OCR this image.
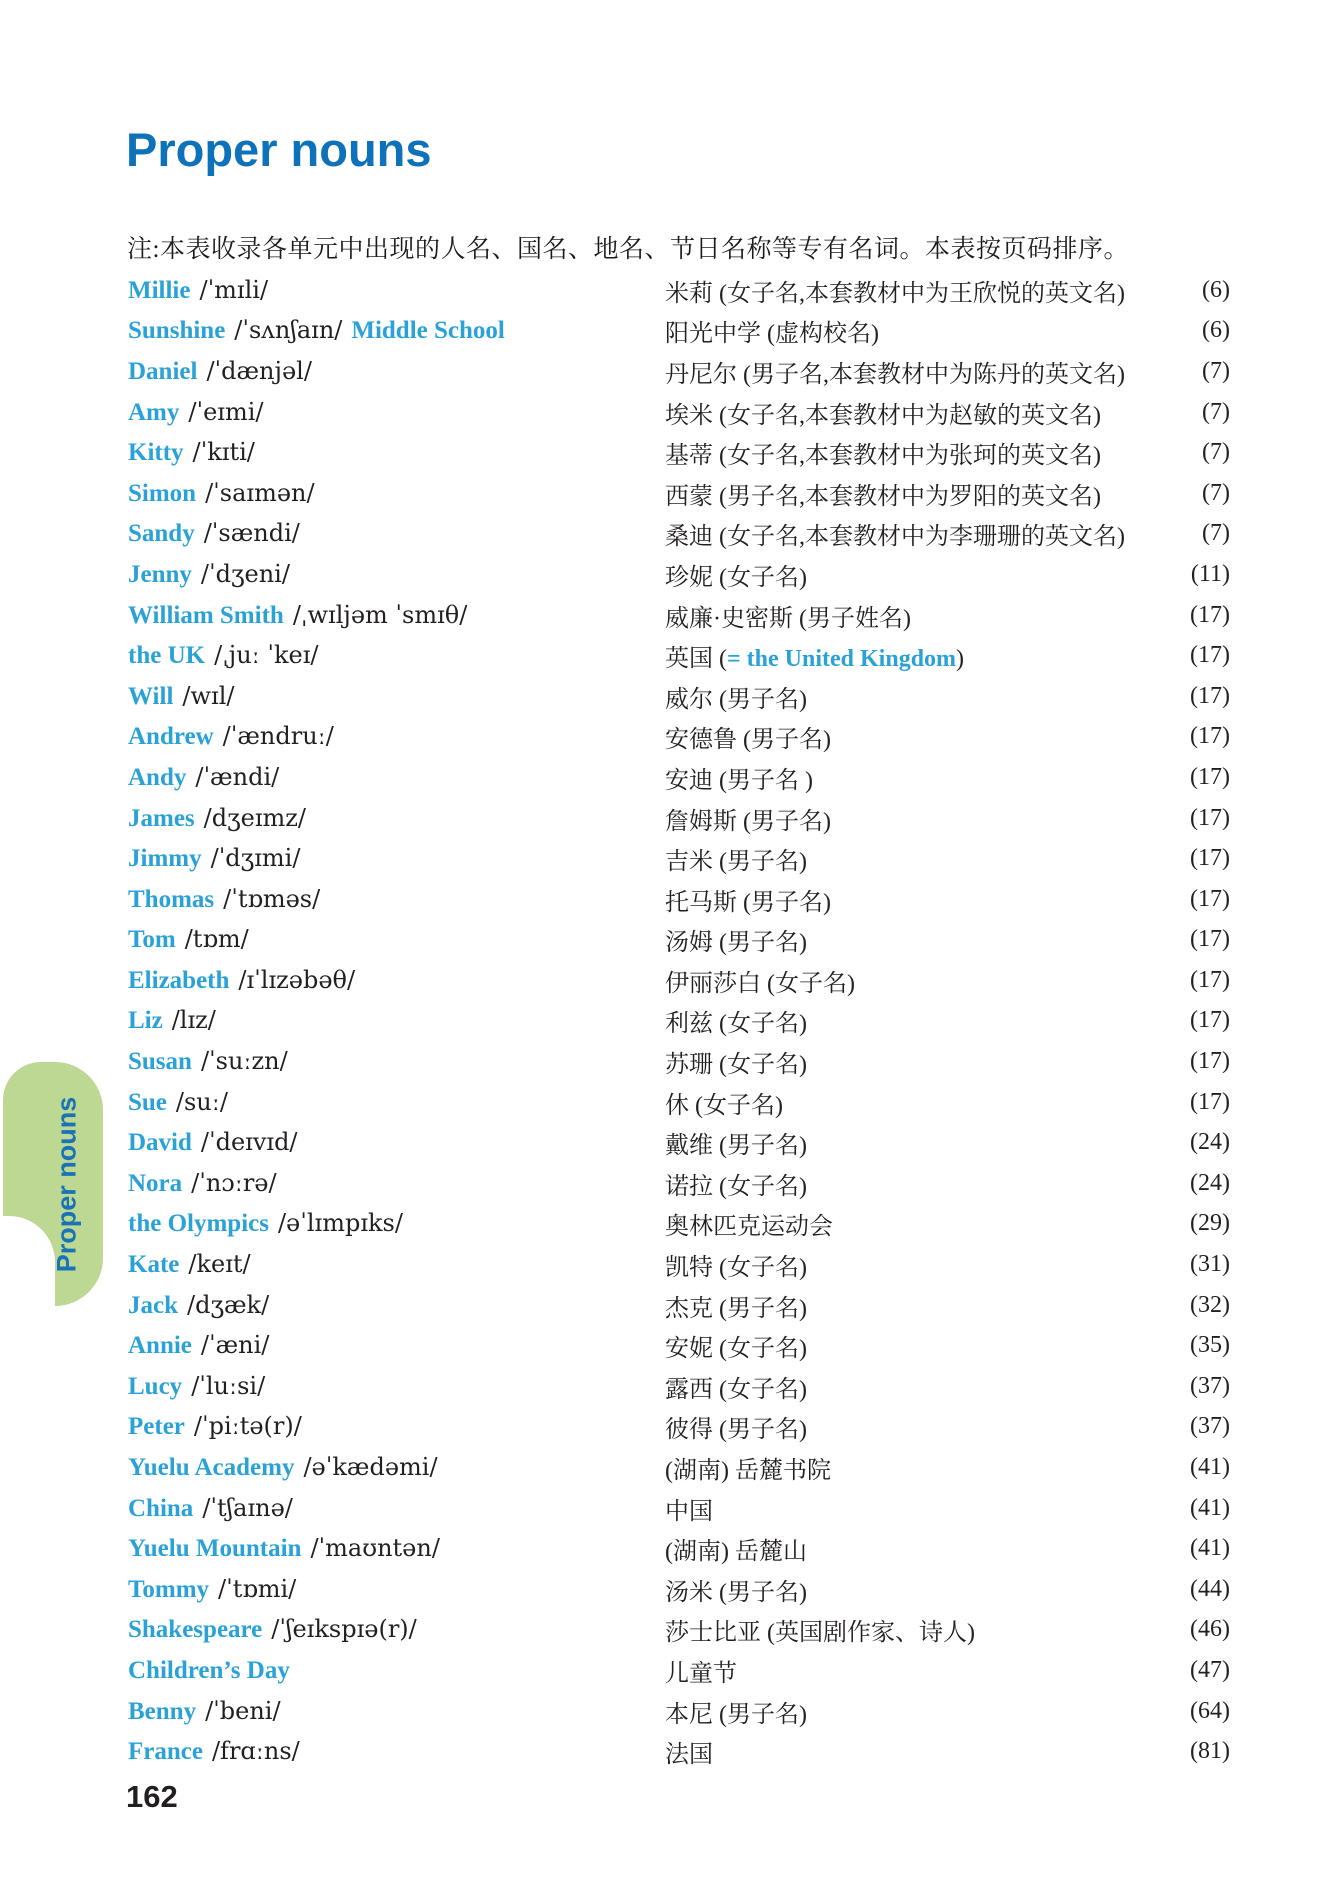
Proper nouns
注:本表收录各单元中出现的人名、国名、地名、节日名称等专有名词。本表按页码排序。
Millie /ˈmɪli/	米莉 (女子名,本套教材中为王欣悦的英文名)	(6)
Sunshine /ˈsʌnʃaɪn/ Middle School	阳光中学 (虚构校名)	(6)
Daniel /ˈdænjəl/	丹尼尔 (男子名,本套教材中为陈丹的英文名)	(7)
Amy /ˈeɪmi/	埃米 (女子名,本套教材中为赵敏的英文名)	(7)
Kitty /ˈkɪti/	基蒂 (女子名,本套教材中为张珂的英文名)	(7)
Simon /ˈsaɪmən/	西蒙 (男子名,本套教材中为罗阳的英文名)	(7)
Sandy /ˈsændi/	桑迪 (女子名,本套教材中为李珊珊的英文名)	(7)
Jenny /ˈdʒeni/	珍妮 (女子名)	(11)
William Smith /ˌwɪljəm ˈsmɪθ/	威廉·史密斯 (男子姓名)	(17)
the UK /ˌjuː ˈkeɪ/	英国 (= the United Kingdom)	(17)
Will /wɪl/	威尔 (男子名)	(17)
Andrew /ˈændruː/	安德鲁 (男子名)	(17)
Andy /ˈændi/	安迪 (男子名 )	(17)
James /dʒeɪmz/	詹姆斯 (男子名)	(17)
Jimmy /ˈdʒɪmi/	吉米 (男子名)	(17)
Thomas /ˈtɒməs/	托马斯 (男子名)	(17)
Tom /tɒm/	汤姆 (男子名)	(17)
Elizabeth /ɪˈlɪzəbəθ/	伊丽莎白 (女子名)	(17)
Liz /lɪz/	利兹 (女子名)	(17)
Susan /ˈsuːzn/	苏珊 (女子名)	(17)
Sue /suː/	休 (女子名)	(17)
David /ˈdeɪvɪd/	戴维 (男子名)	(24)
Nora /ˈnɔːrə/	诺拉 (女子名)	(24)
the Olympics /əˈlɪmpɪks/	奥林匹克运动会	(29)
Kate /keɪt/	凯特 (女子名)	(31)
Jack /dʒæk/	杰克 (男子名)	(32)
Annie /ˈæni/	安妮 (女子名)	(35)
Lucy /ˈluːsi/	露西 (女子名)	(37)
Peter /ˈpiːtə(r)/	彼得 (男子名)	(37)
Yuelu Academy /əˈkædəmi/	(湖南) 岳麓书院	(41)
China /ˈtʃaɪnə/	中国	(41)
Yuelu Mountain /ˈmaʊntən/	(湖南) 岳麓山	(41)
Tommy /ˈtɒmi/	汤米 (男子名)	(44)
Shakespeare /ˈʃeɪkspɪə(r)/	莎士比亚 (英国剧作家、诗人)	(46)
Children’s Day	儿童节	(47)
Benny /ˈbeni/	本尼 (男子名)	(64)
France /frɑːns/	法国	(81)
Proper nouns
162
